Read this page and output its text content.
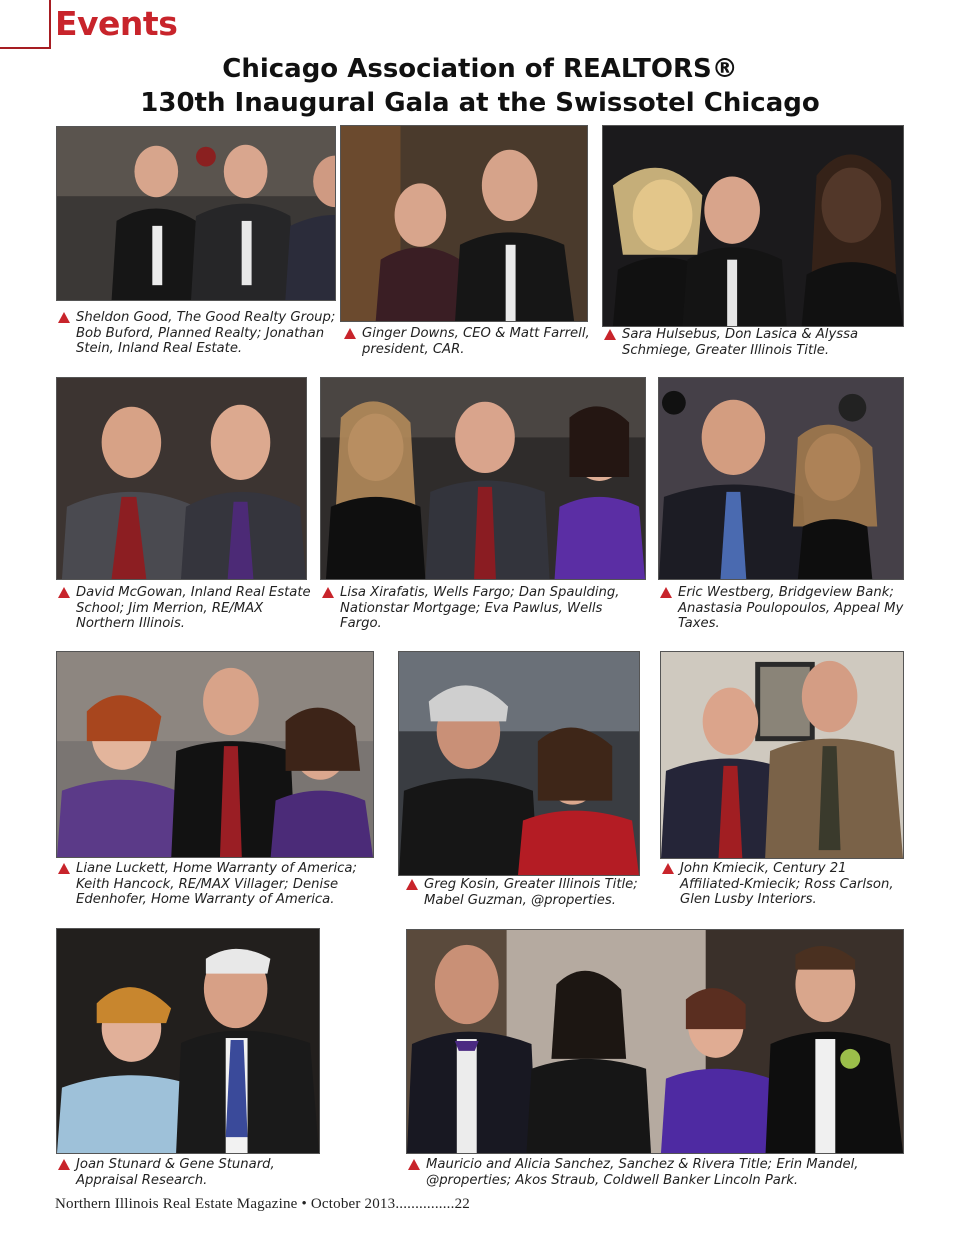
Events
Chicago Association of REALTORS®
130th Inaugural Gala at the Swissotel Chicago
Sheldon Good, The Good Realty Group; Bob Buford, Planned Realty; Jonathan Stein, Inland Real Estate.
Ginger Downs, CEO & Matt Farrell, president, CAR.
Sara Hulsebus, Don Lasica & Alyssa Schmiege, Greater Illinois Title.
David McGowan, Inland Real Estate School; Jim Merrion, RE/MAX Northern Illinois.
Lisa Xirafatis, Wells Fargo; Dan Spaulding, Nationstar Mortgage; Eva Pawlus, Wells Fargo.
Eric Westberg, Bridgeview Bank; Anastasia Poulopoulos, Appeal My Taxes.
Liane Luckett, Home Warranty of America; Keith Hancock, RE/MAX Villager; Denise Edenhofer, Home Warranty of America.
Greg Kosin, Greater Illinois Title; Mabel Guzman, @properties.
John Kmiecik, Century 21 Affiliated-Kmiecik; Ross Carlson, Glen Lusby Interiors.
Joan Stunard & Gene Stunard, Appraisal Research.
Mauricio and Alicia Sanchez, Sanchez & Rivera Title; Erin Mandel, @properties; Akos Straub, Coldwell Banker Lincoln Park.
Northern Illinois Real Estate Magazine • October 2013...............22
